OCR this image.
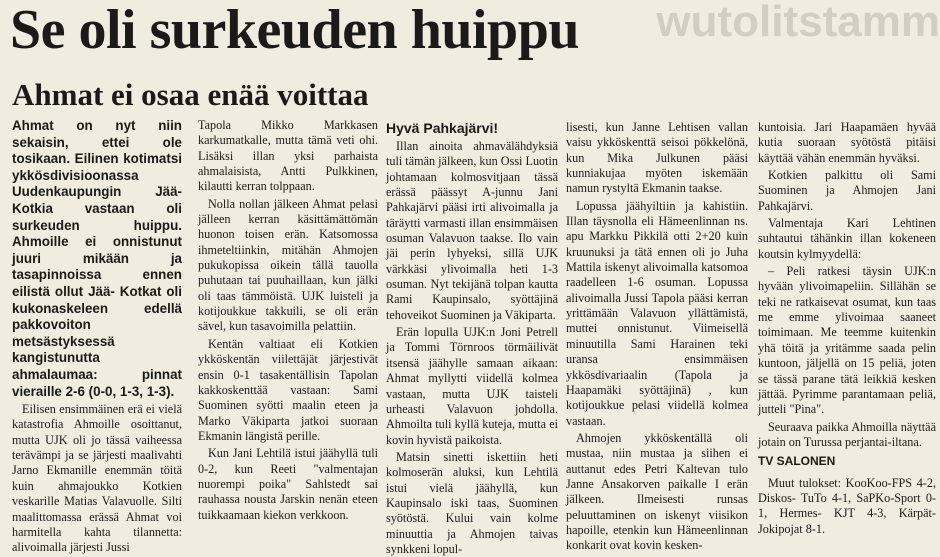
wutolitstamm
Se oli surkeuden huippu
Ahmat ei osaa enää voittaa

Ahmat on nyt niin sekaisin, ettei ole tosikaan. Eilinen kotimatsi ykkösdivisioonassa Uudenkaupungin Jää-Kotkia vastaan oli surkeuden huippu. Ahmoille ei onnistunut juuri mikään ja tasapinnoissa ennen eilistä ollut Jää- Kotkat oli kukonaskeleen edellä pakkovoiton metsästyksessä kangistunutta ahmalaumaa: pinnat vieraille 2-6 (0-0, 1-3, 1-3).

Eilisen ensimmäinen erä ei vielä katastrofia Ahmoille osoittanut, mutta UJK oli jo tässä vaiheessa terävämpi ja se järjesti maalivahti Jarno Ekmanille enemmän töitä kuin ahmajoukko Kotkien veskarille Matias Valavuolle. Silti maalittomassa erässä Ahmat voi harmitella kahta tilannetta: alivoimalla järjesti Jussi

Tapola Mikko Markkasen karkumatkalle, mutta tämä veti ohi. Lisäksi illan yksi parhaista ahmalaisista, Antti Pulkkinen, kilautti kerran tolppaan.

Nolla nollan jälkeen Ahmat pelasi jälleen kerran käsittämättömän huonon toisen erän. Katsomossa ihmeteltiinkin, mitähän Ahmojen pukukopissa oikein tällä tauolla puhutaan tai puuhaillaan, kun jälki oli taas tämmöistä. UJK luisteli ja kotijoukkue takkuili, se oli erän sävel, kun tasavoimilla pelattiin.

Kentän valtiaat eli Kotkien ykköskentän viilettäjät järjestivät ensin 0-1 tasakentällisin Tapolan kakkoskenttää vastaan: Sami Suominen syötti maalin eteen ja Marko Väkiparta jatkoi suoraan Ekmanin längistä perille.

Kun Jani Lehtilä istui jäähyllä tuli 0-2, kun Reeti "valmentajan nuorempi poika" Sahlstedt sai rauhassa nousta Jarskin nenän eteen tuikkaamaan kiekon verkkoon.

Hyvä Pahkajärvi!

Illan ainoita ahmavälähdyksiä tuli tämän jälkeen, kun Ossi Luotin johtamaan kolmosvitjaan tässä erässä päässyt A-junnu Jani Pahkajärvi pääsi irti alivoimalla ja täräytti varmasti illan ensimmäisen osuman Valavuon taakse. Ilo vain jäi perin lyhyeksi, sillä UJK värkkäsi ylivoimalla heti 1-3 osuman. Nyt tekijänä tolpan kautta Rami Kaupinsalo, syöttäjinä tehoveikot Suominen ja Väkiparta.

Erän lopulla UJK:n Joni Petrell ja Tommi Törnroos törmäilivät itsensä jäähylle samaan aikaan: Ahmat myllytti viidellä kolmea vastaan, mutta UJK taisteli urheasti Valavuon johdolla. Ahmoilta tuli kyllä kuteja, mutta ei kovin hyvistä paikoista.

Matsin sinetti iskettiin heti kolmoserän aluksi, kun Lehtilä istui vielä jäähyllä, kun Kaupinsalo iski taas, Suominen syötöstä. Kului vain kolme minuuttia ja Ahmojen taivas synkkeni lopul-

lisesti, kun Janne Lehtisen vallan vaisu ykköskenttä seisoi pökkelönä, kun Mika Julkunen pääsi kunniakujaa myöten iskemään namun rystyltä Ekmanin taakse.

Lopussa jäähyiltiin ja kahistiin. Illan täysnolla eli Hämeenlinnan ns. apu Markku Pikkilä otti 2+20 kuin kruunuksi ja tätä ennen oli jo Juha Mattila iskenyt alivoimalla katsomoa raadelleen 1-6 osuman. Lopussa alivoimalla Jussi Tapola pääsi kerran yrittämään Valavuon yllättämistä, muttei onnistunut. Viimeisellä minuutilla Sami Harainen teki uransa ensimmäisen ykkösdivariaalin (Tapola ja Haapamäki syöttäjinä) , kun kotijoukkue pelasi viidellä kolmea vastaan.

Ahmojen ykköskentällä oli mustaa, niin mustaa ja siihen ei auttanut edes Petri Kaltevan tulo Janne Ansakorven paikalle I erän jälkeen. Ilmeisesti runsas peluuttaminen on iskenyt viisikon hapoille, etenkin kun Hämeenlinnan konkarit ovat kovin kesken-

kuntoisia. Jari Haapamäen hyvää kutia suoraan syötöstä pitäisi käyttää vähän enemmän hyväksi.

Kotkien palkittu oli Sami Suominen ja Ahmojen Jani Pahkajärvi.

Valmentaja Kari Lehtinen suhtautui tähänkin illan kokeneen koutsin kylmyydellä:

– Peli ratkesi täysin UJK:n hyvään ylivoimapeliin. Sillähän se teki ne ratkaisevat osumat, kun taas me emme ylivoimaa saaneet toimimaan. Me teemme kuitenkin yhä töitä ja yritämme saada pelin kuntoon, jäljellä on 15 peliä, joten se tässä parane tätä leikkiä kesken jättää. Pyrimme parantamaan peliä, jutteli "Pina".

Seuraava paikka Ahmoilla näyttää jotain on Turussa perjantai-iltana.

TV SALONEN

Muut tulokset: KooKoo-FPS 4-2, Diskos- TuTo 4-1, SaPKo-Sport 0-1, Hermes- KJT 4-3, Kärpät- Jokipojat 8-1.
